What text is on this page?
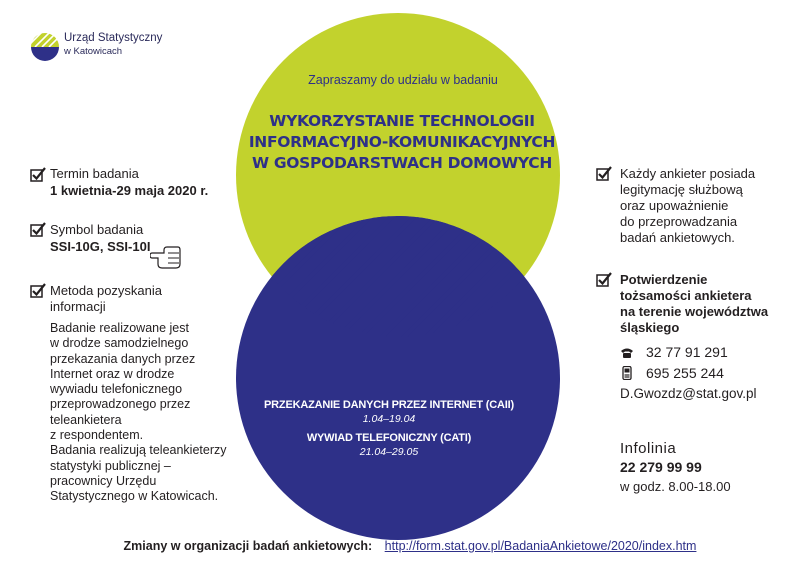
Urząd Statystyczny
w Katowicach
Zapraszamy do udziału w badaniu
WYKORZYSTANIE TECHNOLOGII
INFORMACYJNO-KOMUNIKACYJNYCH
W GOSPODARSTWACH DOMOWYCH
PRZEKAZANIE DANYCH PRZEZ INTERNET (CAII)
1.04–19.04
WYWIAD TELEFONICZNY (CATI)
21.04–29.05
Termin badania
1 kwietnia-29 maja 2020 r.
Symbol badania
SSI-10G, SSI-10I
Metoda pozyskania
informacji
Badanie realizowane jest
w drodze samodzielnego
przekazania danych przez
Internet oraz w drodze
wywiadu telefonicznego
przeprowadzonego przez
teleankietera
z respondentem.
Badania realizują teleankieterzy
statystyki publicznej –
pracownicy Urzędu
Statystycznego w Katowicach.
Każdy ankieter posiada
legitymację służbową
oraz upoważnienie
do przeprowadzania
badań ankietowych.
Potwierdzenie
tożsamości ankietera
na terenie województwa
śląskiego
32 77 91 291
695 255 244
D.Gwozdz@stat.gov.pl
Infolinia
22 279 99 99
w godz. 8.00-18.00
Zmiany w organizacji badań ankietowych: http://form.stat.gov.pl/BadaniaAnkietowe/2020/index.htm
